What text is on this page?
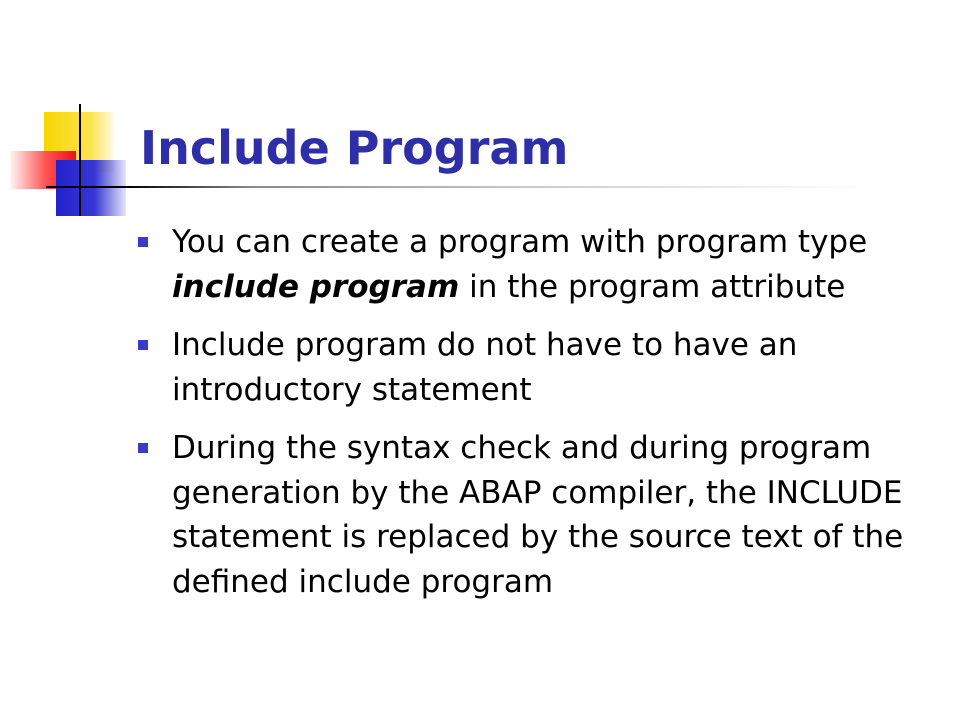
Include Program
You can create a program with program type include program in the program attribute
Include program do not have to have an introductory statement
During the syntax check and during program generation by the ABAP compiler, the INCLUDE statement is replaced by the source text of the defined include program
